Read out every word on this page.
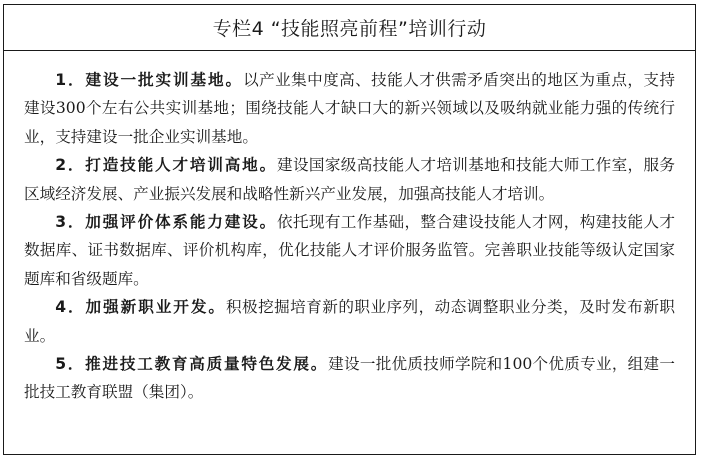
专栏4 “技能照亮前程”培训行动

1．建设一批实训基地。以产业集中度高、技能人才供需矛盾突出的地区为重点，支持建设300个左右公共实训基地；围绕技能人才缺口大的新兴领域以及吸纳就业能力强的传统行业，支持建设一批企业实训基地。

2．打造技能人才培训高地。建设国家级高技能人才培训基地和技能大师工作室，服务区域经济发展、产业振兴发展和战略性新兴产业发展，加强高技能人才培训。

3．加强评价体系能力建设。依托现有工作基础，整合建设技能人才网，构建技能人才数据库、证书数据库、评价机构库，优化技能人才评价服务监管。完善职业技能等级认定国家题库和省级题库。

4．加强新职业开发。积极挖掘培育新的职业序列，动态调整职业分类，及时发布新职业。

5．推进技工教育高质量特色发展。建设一批优质技师学院和100个优质专业，组建一批技工教育联盟（集团）。
